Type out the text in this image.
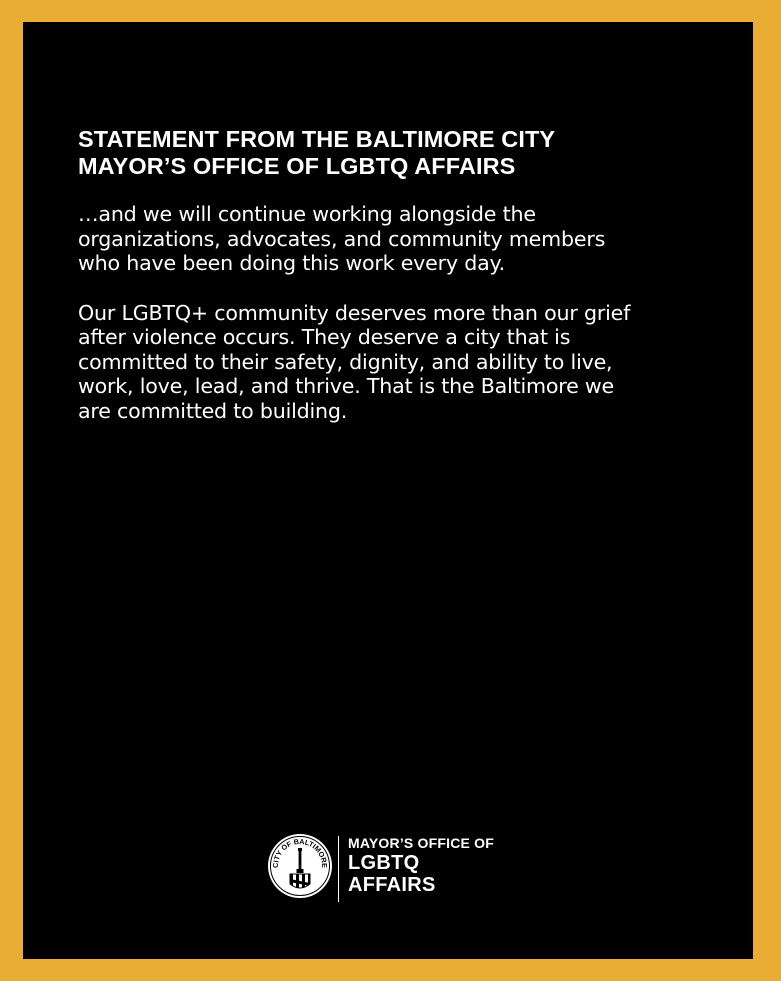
STATEMENT FROM THE BALTIMORE CITY
MAYOR’S OFFICE OF LGBTQ AFFAIRS
…and we will continue working alongside the
organizations, advocates, and community members
who have been doing this work every day.
Our LGBTQ+ community deserves more than our grief
after violence occurs. They deserve a city that is
committed to their safety, dignity, and ability to live,
work, love, lead, and thrive. That is the Baltimore we
are committed to building.
CITY OF BALTIMORE
MAYOR’S OFFICE OF
LGBTQ
AFFAIRS
